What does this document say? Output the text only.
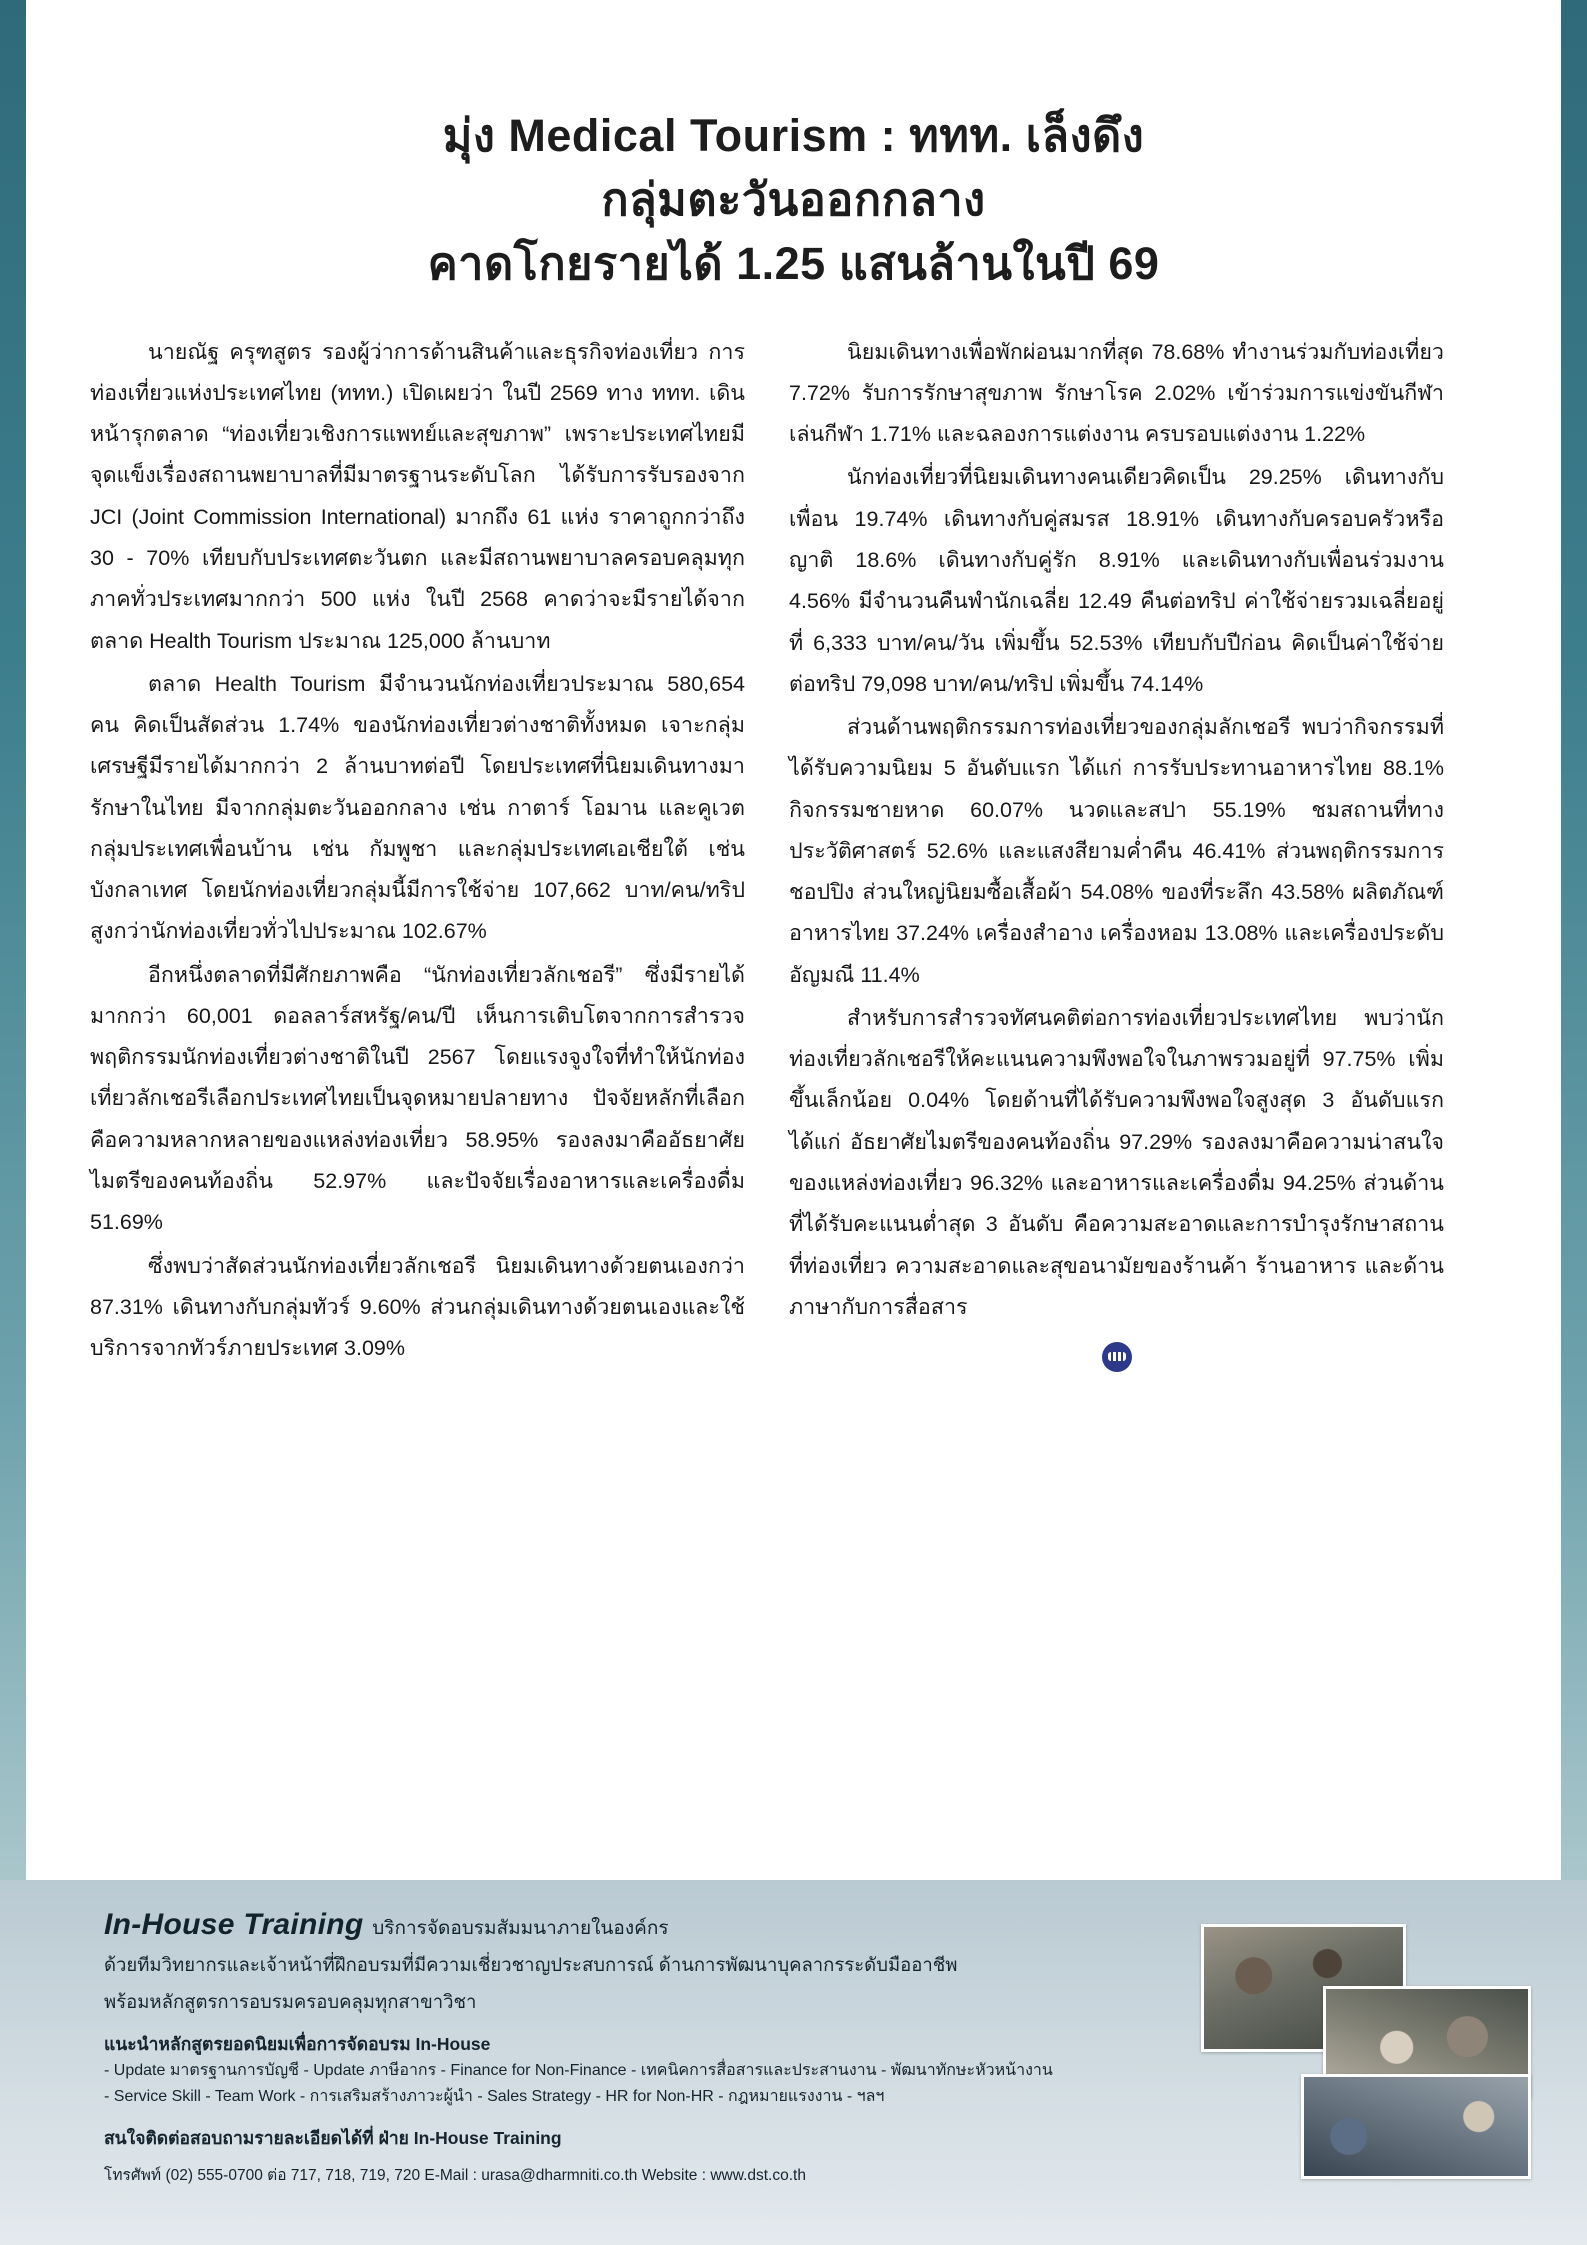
มุ่ง Medical Tourism : ททท. เล็งดึง
กลุ่มตะวันออกกลาง
คาดโกยรายได้ 1.25 แสนล้านในปี 69

นายณัฐ ครุฑสูตร รองผู้ว่าการด้านสินค้าและธุรกิจท่องเที่ยว การท่องเที่ยวแห่งประเทศไทย (ททท.) เปิดเผยว่า ในปี 2569 ทาง ททท. เดินหน้ารุกตลาด “ท่องเที่ยวเชิงการแพทย์และสุขภาพ” เพราะประเทศไทยมีจุดแข็งเรื่องสถานพยาบาลที่มีมาตรฐานระดับโลก ได้รับการรับรองจาก JCI (Joint Commission International) มากถึง 61 แห่ง ราคาถูกกว่าถึง 30 - 70% เทียบกับประเทศตะวันตก และมีสถานพยาบาลครอบคลุมทุกภาคทั่วประเทศมากกว่า 500 แห่ง ในปี 2568 คาดว่าจะมีรายได้จากตลาด Health Tourism ประมาณ 125,000 ล้านบาท

ตลาด Health Tourism มีจำนวนนักท่องเที่ยวประมาณ 580,654 คน คิดเป็นสัดส่วน 1.74% ของนักท่องเที่ยวต่างชาติทั้งหมด เจาะกลุ่มเศรษฐีมีรายได้มากกว่า 2 ล้านบาทต่อปี โดยประเทศที่นิยมเดินทางมารักษาในไทย มีจากกลุ่มตะวันออกกลาง เช่น กาตาร์ โอมาน และคูเวต กลุ่มประเทศเพื่อนบ้าน เช่น กัมพูชา และกลุ่มประเทศเอเชียใต้ เช่น บังกลาเทศ โดยนักท่องเที่ยวกลุ่มนี้มีการใช้จ่าย 107,662 บาท/คน/ทริป สูงกว่านักท่องเที่ยวทั่วไปประมาณ 102.67%

อีกหนึ่งตลาดที่มีศักยภาพคือ “นักท่องเที่ยวลักเชอรี” ซึ่งมีรายได้มากกว่า 60,001 ดอลลาร์สหรัฐ/คน/ปี เห็นการเติบโตจากการสำรวจพฤติกรรมนักท่องเที่ยวต่างชาติในปี 2567 โดยแรงจูงใจที่ทำให้นักท่องเที่ยวลักเชอรีเลือกประเทศไทยเป็นจุดหมายปลายทาง ปัจจัยหลักที่เลือกคือความหลากหลายของแหล่งท่องเที่ยว 58.95% รองลงมาคืออัธยาศัยไมตรีของคนท้องถิ่น 52.97% และปัจจัยเรื่องอาหารและเครื่องดื่ม 51.69%

ซึ่งพบว่าสัดส่วนนักท่องเที่ยวลักเชอรี นิยมเดินทางด้วยตนเองกว่า 87.31% เดินทางกับกลุ่มทัวร์ 9.60% ส่วนกลุ่มเดินทางด้วยตนเองและใช้บริการจากทัวร์ภายประเทศ 3.09%

นิยมเดินทางเพื่อพักผ่อนมากที่สุด 78.68% ทำงานร่วมกับท่องเที่ยว 7.72% รับการรักษาสุขภาพ รักษาโรค 2.02% เข้าร่วมการแข่งขันกีฬา เล่นกีฬา 1.71% และฉลองการแต่งงาน ครบรอบแต่งงาน 1.22%

นักท่องเที่ยวที่นิยมเดินทางคนเดียวคิดเป็น 29.25% เดินทางกับเพื่อน 19.74% เดินทางกับคู่สมรส 18.91% เดินทางกับครอบครัวหรือญาติ 18.6% เดินทางกับคู่รัก 8.91% และเดินทางกับเพื่อนร่วมงาน 4.56% มีจำนวนคืนพำนักเฉลี่ย 12.49 คืนต่อทริป ค่าใช้จ่ายรวมเฉลี่ยอยู่ที่ 6,333 บาท/คน/วัน เพิ่มขึ้น 52.53% เทียบกับปีก่อน คิดเป็นค่าใช้จ่ายต่อทริป 79,098 บาท/คน/ทริป เพิ่มขึ้น 74.14%

ส่วนด้านพฤติกรรมการท่องเที่ยวของกลุ่มลักเชอรี พบว่ากิจกรรมที่ได้รับความนิยม 5 อันดับแรก ได้แก่ การรับประทานอาหารไทย 88.1% กิจกรรมชายหาด 60.07% นวดและสปา 55.19% ชมสถานที่ทางประวัติศาสตร์ 52.6% และแสงสียามค่ำคืน 46.41% ส่วนพฤติกรรมการชอปปิง ส่วนใหญ่นิยมซื้อเสื้อผ้า 54.08% ของที่ระลึก 43.58% ผลิตภัณฑ์อาหารไทย 37.24% เครื่องสำอาง เครื่องหอม 13.08% และเครื่องประดับ อัญมณี 11.4%

สำหรับการสำรวจทัศนคติต่อการท่องเที่ยวประเทศไทย พบว่านักท่องเที่ยวลักเชอรีให้คะแนนความพึงพอใจในภาพรวมอยู่ที่ 97.75% เพิ่มขึ้นเล็กน้อย 0.04% โดยด้านที่ได้รับความพึงพอใจสูงสุด 3 อันดับแรก ได้แก่ อัธยาศัยไมตรีของคนท้องถิ่น 97.29% รองลงมาคือความน่าสนใจของแหล่งท่องเที่ยว 96.32% และอาหารและเครื่องดื่ม 94.25% ส่วนด้านที่ได้รับคะแนนต่ำสุด 3 อันดับ คือความสะอาดและการบำรุงรักษาสถานที่ท่องเที่ยว ความสะอาดและสุขอนามัยของร้านค้า ร้านอาหาร และด้านภาษากับการสื่อสาร

In-House Training บริการจัดอบรมสัมมนาภายในองค์กร
ด้วยทีมวิทยากรและเจ้าหน้าที่ฝึกอบรมที่มีความเชี่ยวชาญประสบการณ์ ด้านการพัฒนาบุคลากรระดับมืออาชีพ
พร้อมหลักสูตรการอบรมครอบคลุมทุกสาขาวิชา
แนะนำหลักสูตรยอดนิยมเพื่อการจัดอบรม In-House
- Update มาตรฐานการบัญชี - Update ภาษีอากร - Finance for Non-Finance - เทคนิคการสื่อสารและประสานงาน - พัฒนาทักษะหัวหน้างาน
- Service Skill - Team Work - การเสริมสร้างภาวะผู้นำ - Sales Strategy - HR for Non-HR - กฎหมายแรงงาน - ฯลฯ
สนใจติดต่อสอบถามรายละเอียดได้ที่ ฝ่าย In-House Training
โทรศัพท์ (02) 555-0700 ต่อ 717, 718, 719, 720 E-Mail : urasa@dharmniti.co.th Website : www.dst.co.th
